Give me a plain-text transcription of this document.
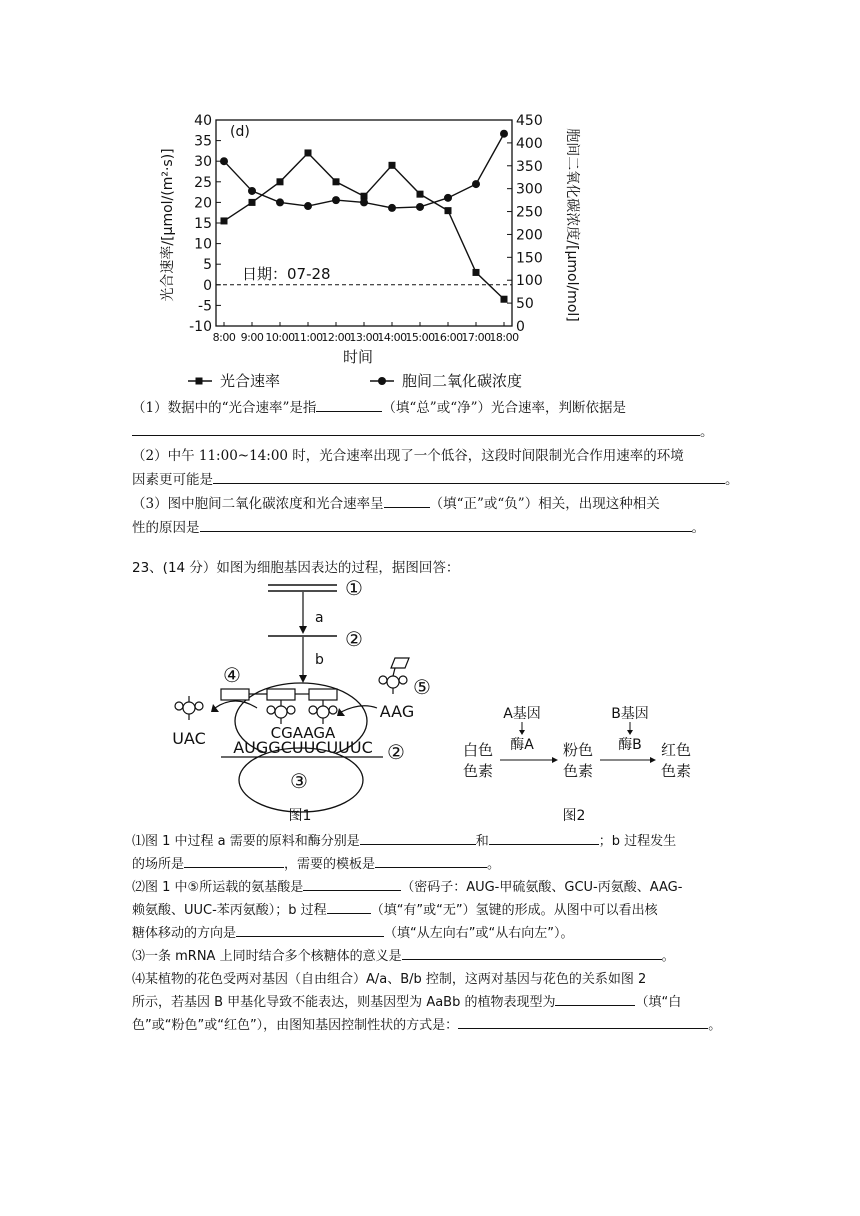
40
35
30
25
20
15
10
5
0
-5
-10
450
400
350
300
250
200
150
100
50
0
8:00 9:00 10:00
11:00
12:00
13:00
14:00
15:00
16:00
17:00
18:00
(d)
日期：07-28
时间
光合速率/[μmol/(m²·s)]	胞间二氧化碳浓度/[μmol/mol]
光合速率	胞间二氧化碳浓度
（1）数据中的“光合速率”是指	（填“总”或“净”）光合速率，判断依据是
。
（2）中午 11:00~14:00 时，光合速率出现了一个低谷，这段时间限制光合作用速率的环境
因素更可能是	。
（3）图中胞间二氧化碳浓度和光合速率呈	（填“正”或“负”）相关，出现这种相关
性的原因是	。
23、(14 分）如图为细胞基因表达的过程，据图回答：
①
a
②
b
④
③
CGAAGA
AUGGCUUCUUUC ②
UAC
⑤
AAG
图1
A基因
酶A
B基因
酶B
白色
色素
粉色
色素
红色
色素
图2
⑴图 1 中过程 a 需要的原料和酶分别是	和	；b 过程发生
的场所是	，需要的模板是	。
⑵图 1 中⑤所运载的氨基酸是	（密码子：AUG-甲硫氨酸、GCU-丙氨酸、AAG-
赖氨酸、UUC-苯丙氨酸）；b 过程	（填“有”或“无”）氢键的形成。从图中可以看出核
糖体移动的方向是	（填“从左向右”或“从右向左”）。
⑶一条 mRNA 上同时结合多个核糖体的意义是	。
⑷某植物的花色受两对基因（自由组合）A/a、B/b 控制，这两对基因与花色的关系如图 2
所示，若基因 B 甲基化导致不能表达，则基因型为 AaBb 的植物表现型为	（填“白
色”或“粉色”或“红色”），由图知基因控制性状的方式是：	。
